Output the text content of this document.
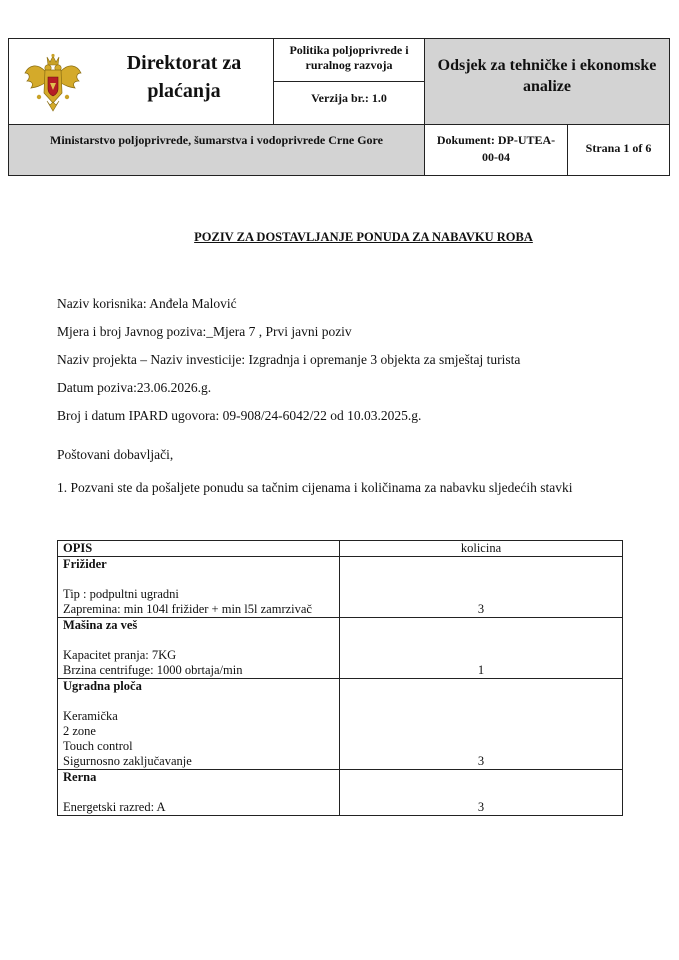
Direktorat za plaćanja
Politika poljoprivrede i ruralnog razvoja
Verzija br.: 1.0
Odsjek za tehničke i ekonomske analize
Ministarstvo poljoprivrede, šumarstva i vodoprivrede Crne Gore	Dokument: DP-UTEA-00-04
Strana 1 of 6
POZIV ZA DOSTAVLJANJE PONUDA ZA NABAVKU ROBA
Naziv korisnika: Anđela Malović
Mjera i broj Javnog poziva:_Mjera 7 , Prvi javni poziv
Naziv projekta – Naziv investicije: Izgradnja i opremanje 3 objekta za smještaj turista
Datum poziva:23.06.2026.g.
Broj i datum IPARD ugovora: 09-908/24-6042/22 od 10.03.2025.g.
Poštovani dobavljači,
1. Pozvani ste da pošaljete ponudu sa tačnim cijenama i količinama za nabavku sljedećih stavki
OPIS	kolicina

Frižider
Tip : podpultni ugradni
Zapremina: min 104l frižider + min l5l zamrzivač	3

Mašina za veš
Kapacitet pranja: 7KG
Brzina centrifuge: 1000 obrtaja/min	1

Ugradna ploča
Keramička
2 zone
Touch control
Sigurnosno zaključavanje	3

Rerna
Energetski razred: A	3
